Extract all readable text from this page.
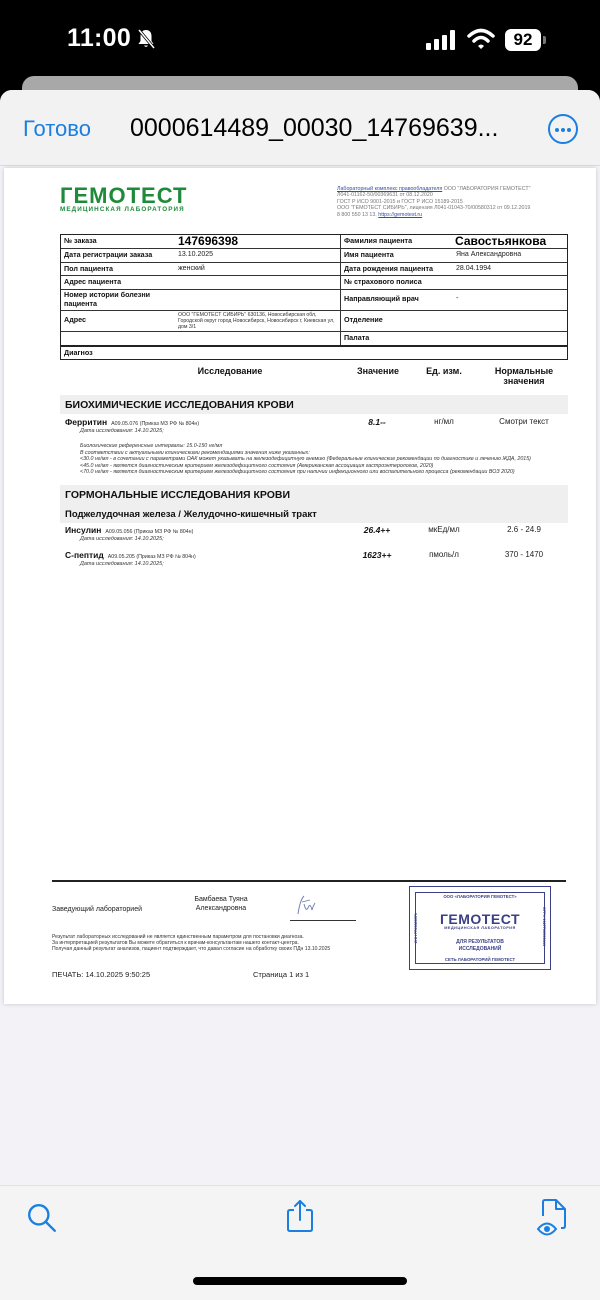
11:00	92
Готово 0000614489_00030_14769639...
ГЕМОТЕСТ
МЕДИЦИНСКАЯ ЛАБОРАТОРИЯ
Лабораторный комплекс правообладателя ООО "ЛАБОРАТОРИЯ ГЕМОТЕСТ"
Л041-01162-50/00369631 от 08.12.2020
ГОСТ Р ИСО 9001-2015 и ГОСТ Р ИСО 15189-2015
ООО "ГЕМОТЕСТ СИБИРЬ", лицензия Л041-01043-70/00580312 от 09.12.2019
8 800 550 13 13. https://gemotest.ru
№ заказа	147696398	Фамилия пациента	Савостьянкова
Дата регистрации заказа	13.10.2025	Имя пациента	Яна Александровна
Пол пациента	женский	Дата рождения пациента	28.04.1994
Адрес пациента	№ страхового полиса
Номер истории болезни пациента	Направляющий врач	-
Адрес
ООО "ГЕМОТЕСТ СИБИРЬ" 630136, Новосибирская обл, Городской округ город Новосибирск, Новосибирск г, Киевская ул, дом 3/1
Отделение
Палата
Диагноз
Исследование	Значение	Ед. изм.	Нормальные значения
БИОХИМИЧЕСКИЕ ИССЛЕДОВАНИЯ КРОВИ
Ферритин A09.05.076 (Приказ МЗ РФ № 804н)
Дата исследования: 14.10.2025;
8.1--	нг/мл	Смотри текст
Биологические референсные интервалы: 15.0-150 нг/мл
В соответствии с актуальными клиническими рекомендациями значения ниже указанных:
<30.0 нг/мл - в сочетании с параметрами ОАК может указывать на железодефицитную анемию (Федеральные клинические рекомендации по диагностике и лечению ЖДА, 2015)
<45.0 нг/мл - является диагностическим критерием железодефицитного состояния (Американская ассоциация гастроэнтерологов, 2020)
<70.0 нг/мл - является диагностическим критерием железодефицитного состояния при наличии инфекционного или воспалительного процесса (рекомендации ВОЗ 2020)
ГОРМОНАЛЬНЫЕ ИССЛЕДОВАНИЯ КРОВИ
Поджелудочная железа / Желудочно-кишечный тракт
Инсулин A09.05.056 (Приказ МЗ РФ № 804н)
Дата исследования: 14.10.2025;
26.4++	мкЕд/мл	2.6 - 24.9
С-пептид A09.05.205 (Приказ МЗ РФ № 804н)
Дата исследования: 14.10.2025;
1623++	пмоль/л	370 - 1470
Заведующий лабораторией
Бамбаева Туяна Александровна
ООО «ЛАБОРАТОРИЯ ГЕМОТЕСТ»
ГЕМОТЕСТ
МЕДИЦИНСКАЯ ЛАБОРАТОРИЯ
ДЛЯ РЕЗУЛЬТАТОВ
ИССЛЕДОВАНИЙ
СЕТЬ ЛАБОРАТОРИЙ ГЕМОТЕСТ
ИНН 7709885571	ОГРН 1027700500444
Результат лабораторных исследований не является единственным параметром для постановки диагноза.
За интерпретацией результатов Вы можете обратиться к врачам-консультантам нашего контакт-центра.
Получая данный результат анализов, пациент подтверждает, что давал согласие на обработку своих ПДн 13.10.2025
ПЕЧАТЬ: 14.10.2025 9:50:25	Страница 1 из 1
